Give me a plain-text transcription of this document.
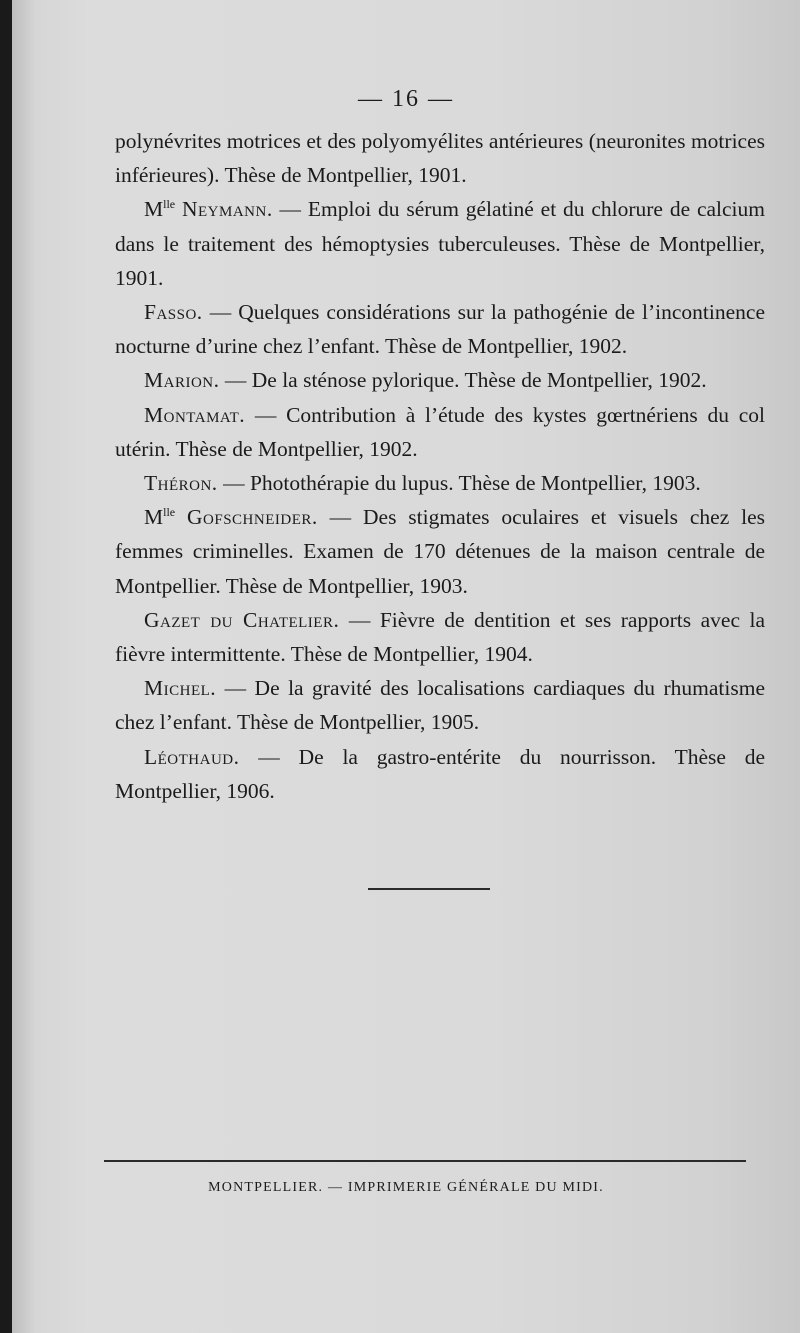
— 16 —

polynévrites motrices et des polyomyélites antérieures (neuronites motrices inférieures). Thèse de Montpellier, 1901.

$M^{lle}$ Neymann. — Emploi du sérum gélatiné et du chlorure de calcium dans le traitement des hémoptysies tuberculeuses. Thèse de Montpellier, 1901.

Fasso. — Quelques considérations sur la pathogénie de l’incontinence nocturne d’urine chez l’enfant. Thèse de Montpellier, 1902.

Marion. — De la sténose pylorique. Thèse de Montpellier, 1902.

Montamat. — Contribution à l’étude des kystes gœrtnériens du col utérin. Thèse de Montpellier, 1902.

Théron. — Photothérapie du lupus. Thèse de Montpellier, 1903.

$M^{lle}$ Gofschneider. — Des stigmates oculaires et visuels chez les femmes criminelles. Examen de 170 détenues de la maison centrale de Montpellier. Thèse de Montpellier, 1903.

Gazet du Chatelier. — Fièvre de dentition et ses rapports avec la fièvre intermittente. Thèse de Montpellier, 1904.

Michel. — De la gravité des localisations cardiaques du rhumatisme chez l’enfant. Thèse de Montpellier, 1905.

Léothaud. — De la gastro-entérite du nourrisson. Thèse de Montpellier, 1906.

MONTPELLIER. — IMPRIMERIE GÉNÉRALE DU MIDI.
